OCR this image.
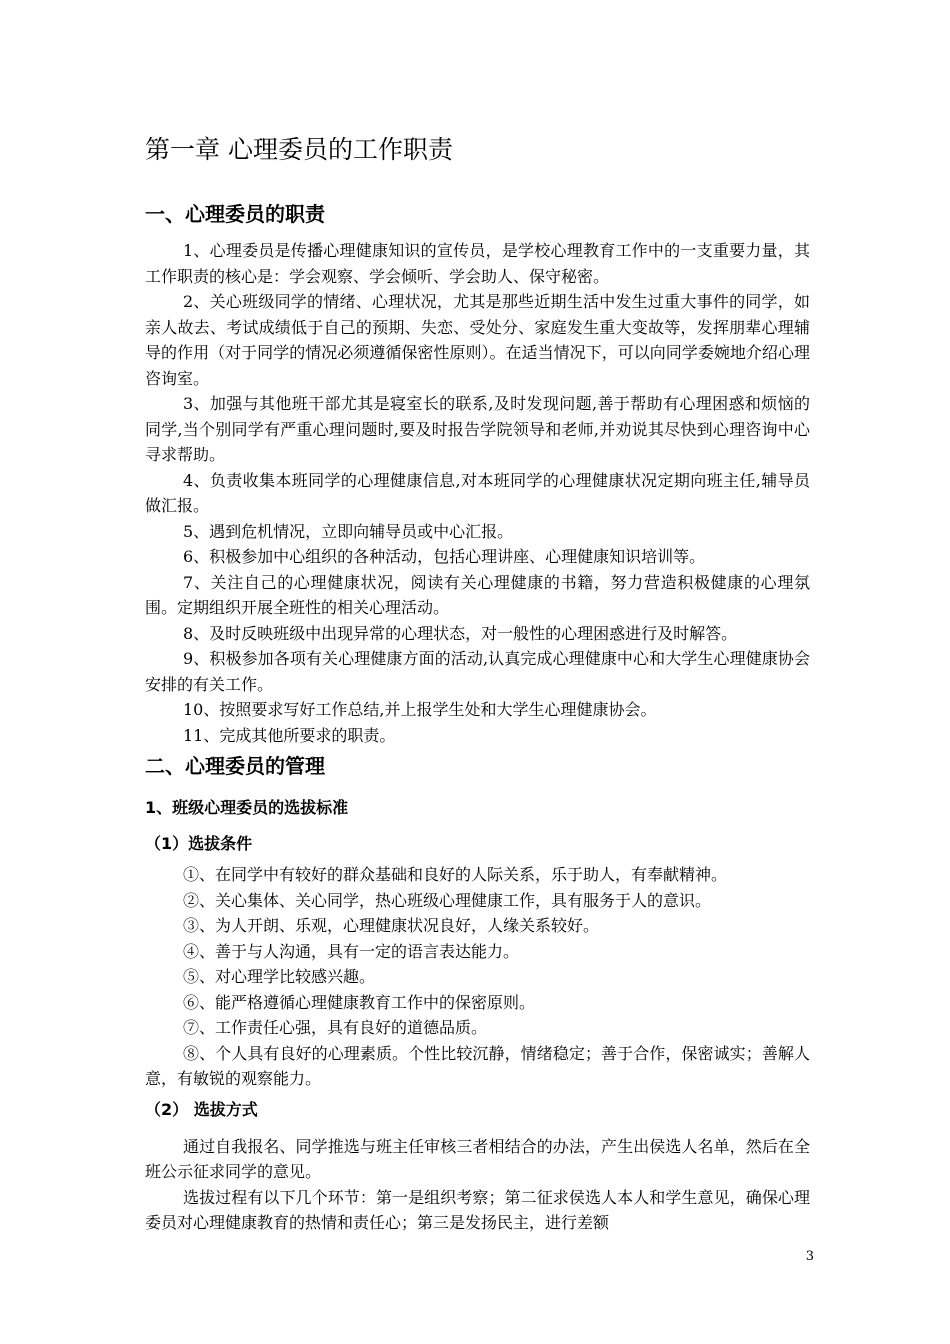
第一章 心理委员的工作职责
一、心理委员的职责

1、心理委员是传播心理健康知识的宣传员，是学校心理教育工作中的一支重要力量，其工作职责的核心是：学会观察、学会倾听、学会助人、保守秘密。

2、关心班级同学的情绪、心理状况，尤其是那些近期生活中发生过重大事件的同学，如亲人故去、考试成绩低于自己的预期、失恋、受处分、家庭发生重大变故等，发挥朋辈心理辅导的作用（对于同学的情况必须遵循保密性原则）。在适当情况下，可以向同学委婉地介绍心理咨询室。

3、加强与其他班干部尤其是寝室长的联系,及时发现问题,善于帮助有心理困惑和烦恼的同学,当个别同学有严重心理问题时,要及时报告学院领导和老师,并劝说其尽快到心理咨询中心寻求帮助。

4、负责收集本班同学的心理健康信息,对本班同学的心理健康状况定期向班主任,辅导员做汇报。

5、遇到危机情况，立即向辅导员或中心汇报。

6、积极参加中心组织的各种活动，包括心理讲座、心理健康知识培训等。

7、关注自己的心理健康状况，阅读有关心理健康的书籍，努力营造积极健康的心理氛围。定期组织开展全班性的相关心理活动。

8、及时反映班级中出现异常的心理状态，对一般性的心理困惑进行及时解答。

9、积极参加各项有关心理健康方面的活动,认真完成心理健康中心和大学生心理健康协会安排的有关工作。

10、按照要求写好工作总结,并上报学生处和大学生心理健康协会。

11、完成其他所要求的职责。

二、心理委员的管理
1、班级心理委员的选拔标准
（1）选拔条件

①、在同学中有较好的群众基础和良好的人际关系，乐于助人，有奉献精神。

②、关心集体、关心同学，热心班级心理健康工作，具有服务于人的意识。

③、为人开朗、乐观，心理健康状况良好，人缘关系较好。

④、善于与人沟通，具有一定的语言表达能力。

⑤、对心理学比较感兴趣。

⑥、能严格遵循心理健康教育工作中的保密原则。

⑦、工作责任心强，具有良好的道德品质。

⑧、个人具有良好的心理素质。个性比较沉静，情绪稳定；善于合作，保密诚实；善解人意，有敏锐的观察能力。

（2） 选拔方式

通过自我报名、同学推选与班主任审核三者相结合的办法，产生出侯选人名单，然后在全班公示征求同学的意见。

选拔过程有以下几个环节：第一是组织考察；第二征求侯选人本人和学生意见，确保心理委员对心理健康教育的热情和责任心；第三是发扬民主，进行差额

3
